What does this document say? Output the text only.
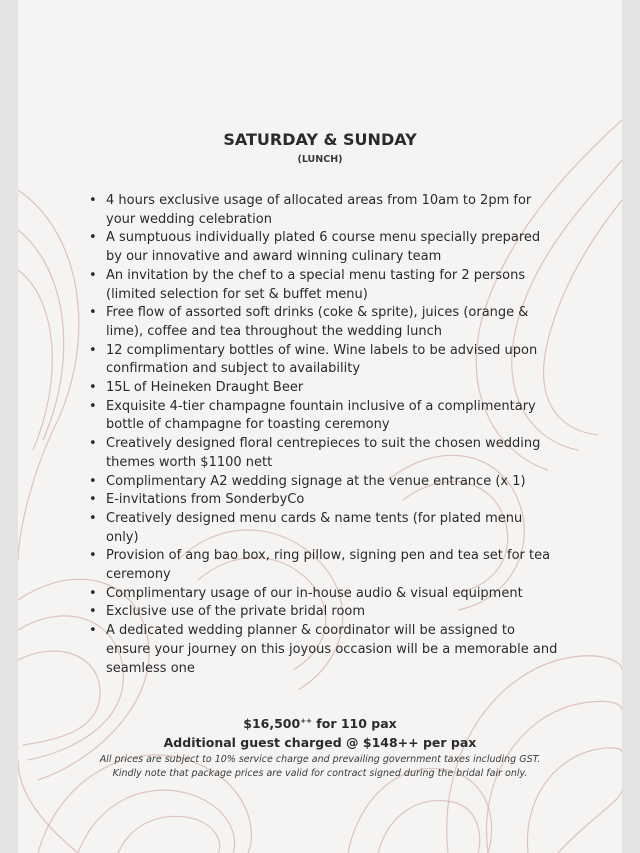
SATURDAY & SUNDAY
(LUNCH)
• 4 hours exclusive usage of allocated areas from 10am to 2pm for your wedding celebration
• A sumptuous individually plated 6 course menu specially prepared by our innovative and award winning culinary team
• An invitation by the chef to a special menu tasting for 2 persons (limited selection for set & buffet menu)
• Free flow of assorted soft drinks (coke & sprite), juices (orange & lime), coffee and tea throughout the wedding lunch
• 12 complimentary bottles of wine. Wine labels to be advised upon confirmation and subject to availability
• 15L of Heineken Draught Beer
• Exquisite 4-tier champagne fountain inclusive of a complimentary bottle of champagne for toasting ceremony
• Creatively designed floral centrepieces to suit the chosen wedding themes worth $1100 nett
• Complimentary A2 wedding signage at the venue entrance (x 1)
• E-invitations from SonderbyCo
• Creatively designed menu cards & name tents (for plated menu only)
• Provision of ang bao box, ring pillow, signing pen and tea set for tea ceremony
• Complimentary usage of our in-house audio & visual equipment
• Exclusive use of the private bridal room
• A dedicated wedding planner & coordinator will be assigned to ensure your journey on this joyous occasion will be a memorable and seamless one
$16,500++ for 110 pax
Additional guest charged @ $148++ per pax
All prices are subject to 10% service charge and prevailing government taxes including GST.
Kindly note that package prices are valid for contract signed during the bridal fair only.
